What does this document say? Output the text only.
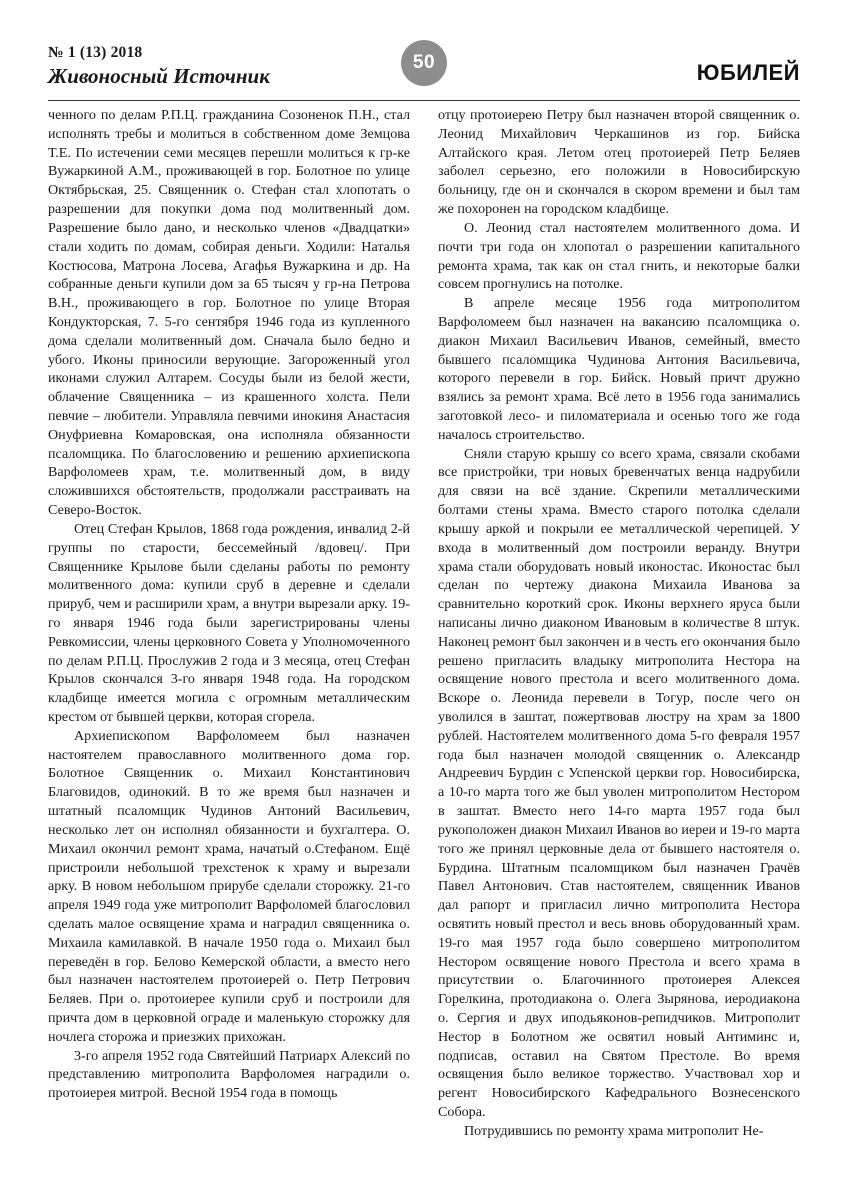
№ 1 (13) 2018
Живоносный Источник
50	ЮБИЛЕЙ

ченного по делам Р.П.Ц. гражданина Созоненок П.Н., стал исполнять требы и молиться в собственном доме Земцова Т.Е. По истечении семи месяцев перешли молиться к гр-ке Вужаркиной А.М., проживающей в гор. Болотное по улице Октябрьская, 25. Священник о. Стефан стал хлопотать о разрешении для покупки дома под молитвенный дом. Разрешение было дано, и несколько членов «Двадцатки» стали ходить по домам, собирая деньги. Ходили: Наталья Костюсова, Матрона Лосева, Агафья Вужаркина и др. На собранные деньги купили дом за 65 тысяч у гр-на Петрова В.Н., проживающего в гор. Болотное по улице Вторая Кондукторская, 7. 5-го сентября 1946 года из купленного дома сделали молитвенный дом. Сначала было бедно и убого. Иконы приносили верующие. Загороженный угол иконами служил Алтарем. Сосуды были из белой жести, облачение Священника – из крашенного холста. Пели певчие – любители. Управляла певчими инокиня Анастасия Онуфриевна Комаровская, она исполняла обязанности псаломщика. По благословению и решению архиепископа Варфоломеев храм, т.е. молитвенный дом, в виду сложившихся обстоятельств, продолжали расстраивать на Северо-Восток.

Отец Стефан Крылов, 1868 года рождения, инвалид 2-й группы по старости, бессемейный /вдовец/. При Священнике Крылове были сделаны работы по ремонту молитвенного дома: купили сруб в деревне и сделали прируб, чем и расширили храм, а внутри вырезали арку. 19-го января 1946 года были зарегистрированы члены Ревкомиссии, члены церковного Совета у Уполномоченного по делам Р.П.Ц. Прослужив 2 года и 3 месяца, отец Стефан Крылов скончался 3-го января 1948 года. На городском кладбище имеется могила с огромным металлическим крестом от бывшей церкви, которая сгорела.

Архиепископом Варфоломеем был назначен настоятелем православного молитвенного дома гор. Болотное Священник о. Михаил Константинович Благовидов, одинокий. В то же время был назначен и штатный псаломщик Чудинов Антоний Васильевич, несколько лет он исполнял обязанности и бухгалтера. О. Михаил окончил ремонт храма, начатый о.Стефаном. Ещё пристроили небольшой трехстенок к храму и вырезали арку. В новом небольшом прирубе сделали сторожку. 21-го апреля 1949 года уже митрополит Варфоломей благословил сделать малое освящение храма и наградил священника о. Михаила камилавкой. В начале 1950 года о. Михаил был переведён в гор. Белово Кемерской области, а вместо него был назначен настоятелем протоиерей о. Петр Петрович Беляев. При о. протоиерее купили сруб и построили для причта дом в церковной ограде и маленькую сторожку для ночлега сторожа и приезжих прихожан.

3-го апреля 1952 года Святейший Патриарх Алексий по представлению митрополита Варфоломея наградили о. протоиерея митрой. Весной 1954 года в помощь

отцу протоиерею Петру был назначен второй священник о. Леонид Михайлович Черкашинов из гор. Бийска Алтайского края. Летом отец протоиерей Петр Беляев заболел серьезно, его положили в Новосибирскую больницу, где он и скончался в скором времени и был там же похоронен на городском кладбище.

О. Леонид стал настоятелем молитвенного дома. И почти три года он хлопотал о разрешении капитального ремонта храма, так как он стал гнить, и некоторые балки совсем прогнулись на потолке.

В апреле месяце 1956 года митрополитом Варфоломеем был назначен на вакансию псаломщика о. диакон Михаил Васильевич Иванов, семейный, вместо бывшего псаломщика Чудинова Антония Васильевича, которого перевели в гор. Бийск. Новый причт дружно взялись за ремонт храма. Всё лето в 1956 года занимались заготовкой лесо- и пиломатериала и осенью того же года началось строительство.

Сняли старую крышу со всего храма, связали скобами все пристройки, три новых бревенчатых венца надрубили для связи на всё здание. Скрепили металлическими болтами стены храма. Вместо старого потолка сделали крышу аркой и покрыли ее металлической черепицей. У входа в молитвенный дом построили веранду. Внутри храма стали оборудовать новый иконостас. Иконостас был сделан по чертежу диакона Михаила Иванова за сравнительно короткий срок. Иконы верхнего яруса были написаны лично диаконом Ивановым в количестве 8 штук. Наконец ремонт был закончен и в честь его окончания было решено пригласить владыку митрополита Нестора на освящение нового престола и всего молитвенного дома. Вскоре о. Леонида перевели в Тогур, после чего он уволился в заштат, пожертвовав люстру на храм за 1800 рублей. Настоятелем молитвенного дома 5-го февраля 1957 года был назначен молодой священник о. Александр Андреевич Бурдин с Успенской церкви гор. Новосибирска, а 10-го марта того же был уволен митрополитом Нестором в заштат. Вместо него 14-го марта 1957 года был рукоположен диакон Михаил Иванов во иереи и 19-го марта того же принял церковные дела от бывшего настоятеля о. Бурдина. Штатным псаломщиком был назначен Грачёв Павел Антонович. Став настоятелем, священник Иванов дал рапорт и пригласил лично митрополита Нестора освятить новый престол и весь вновь оборудованный храм. 19-го мая 1957 года было совершено митрополитом Нестором освящение нового Престола и всего храма в присутствии о. Благочинного протоиерея Алексея Горелкина, протодиакона о. Олега Зырянова, иеродиакона о. Сергия и двух иподьяконов-репидчиков. Митрополит Нестор в Болотном же освятил новый Антиминс и, подписав, оставил на Святом Престоле. Во время освящения было великое торжество. Участвовал хор и регент Новосибирского Кафедрального Вознесенского Собора.

Потрудившись по ремонту храма митрополит Не-
